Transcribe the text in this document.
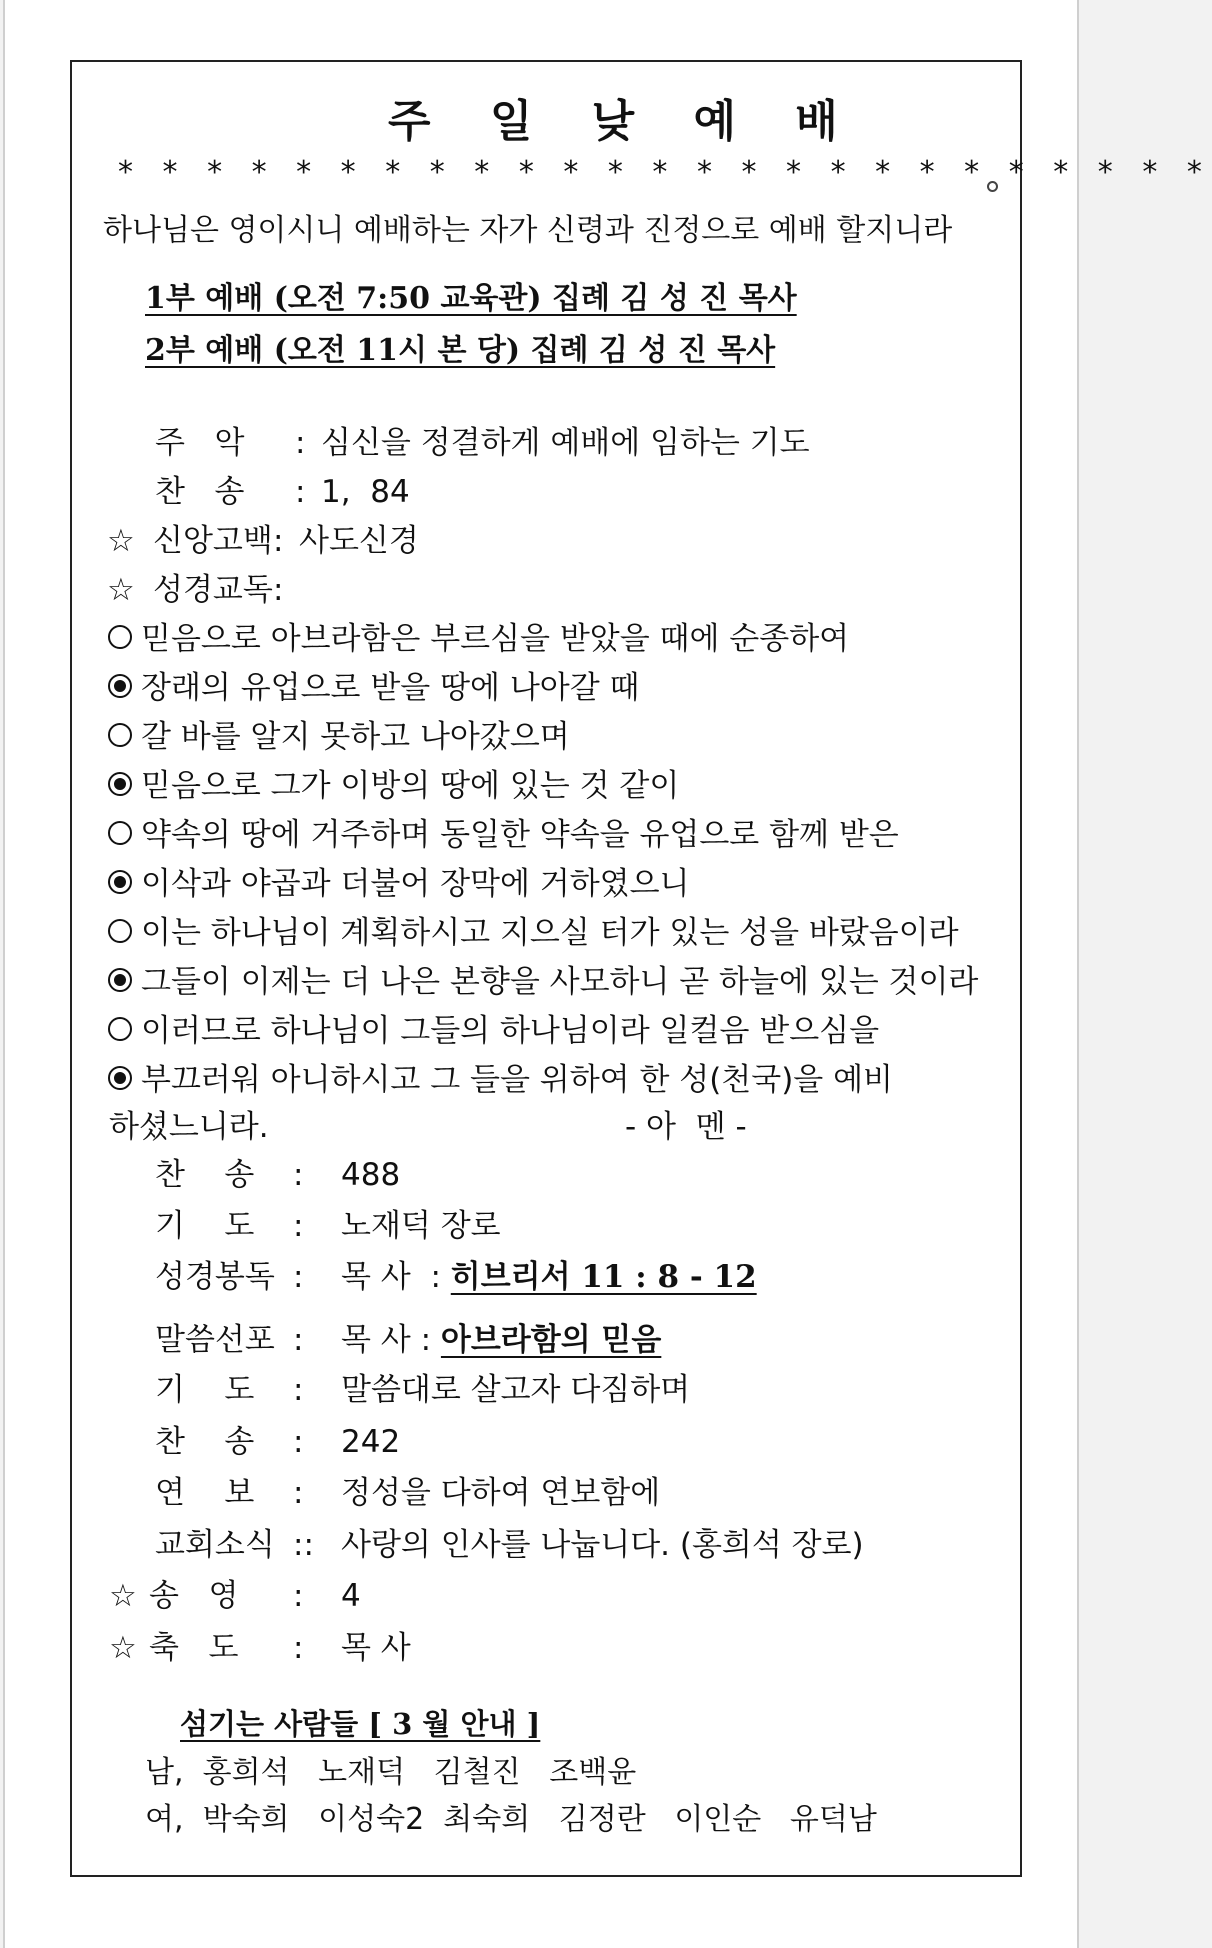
주 일 낮 예 배
* * * * * * * * * * * * * * * * * * * * * * * * *
하나님은 영이시니 예배하는 자가 신령과 진정으로 예배 할지니라
1부 예배 (오전 7:50 교육관) 집례 김 성 진 목사
2부 예배 (오전 11시 본 당) 집례 김 성 진 목사
주   악 : 심신을 정결하게 예배에 임하는 기도
찬   송 : 1,  84
☆ 신앙고백: 사도신경
☆ 성경교독:
믿음으로 아브라함은 부르심을 받았을 때에 순종하여
장래의 유업으로 받을 땅에 나아갈 때
갈 바를 알지 못하고 나아갔으며
믿음으로 그가 이방의 땅에 있는 것 같이
약속의 땅에 거주하며 동일한 약속을 유업으로 함께 받은
이삭과 야곱과 더불어 장막에 거하였으니
이는 하나님이 계획하시고 지으실 터가 있는 성을 바랐음이라
그들이 이제는 더 나은 본향을 사모하니 곧 하늘에 있는 것이라
이러므로 하나님이 그들의 하나님이라 일컬음 받으심을
부끄러워 아니하시고 그 들을 위하여 한 성(천국)을 예비
하셨느니라.	- 아  멘 -
찬    송 : 488
기    도 : 노재덕 장로
성경봉독 : 목 사  : 히브리서 11 : 8 - 12
말씀선포 : 목 사 : 아브라함의 믿음
기    도 : 말씀대로 살고자 다짐하며
찬    송 : 242
연    보 : 정성을 다하여 연보함에
교회소식 :: 사랑의 인사를 나눕니다. (홍희석 장로)
☆ 송   영 : 4
☆ 축   도 : 목 사
섬기는 사람들 [ 3 월 안내 ]
남,  홍희석   노재덕   김철진   조백윤
여,  박숙희   이성숙2  최숙희   김정란   이인순   유덕남
